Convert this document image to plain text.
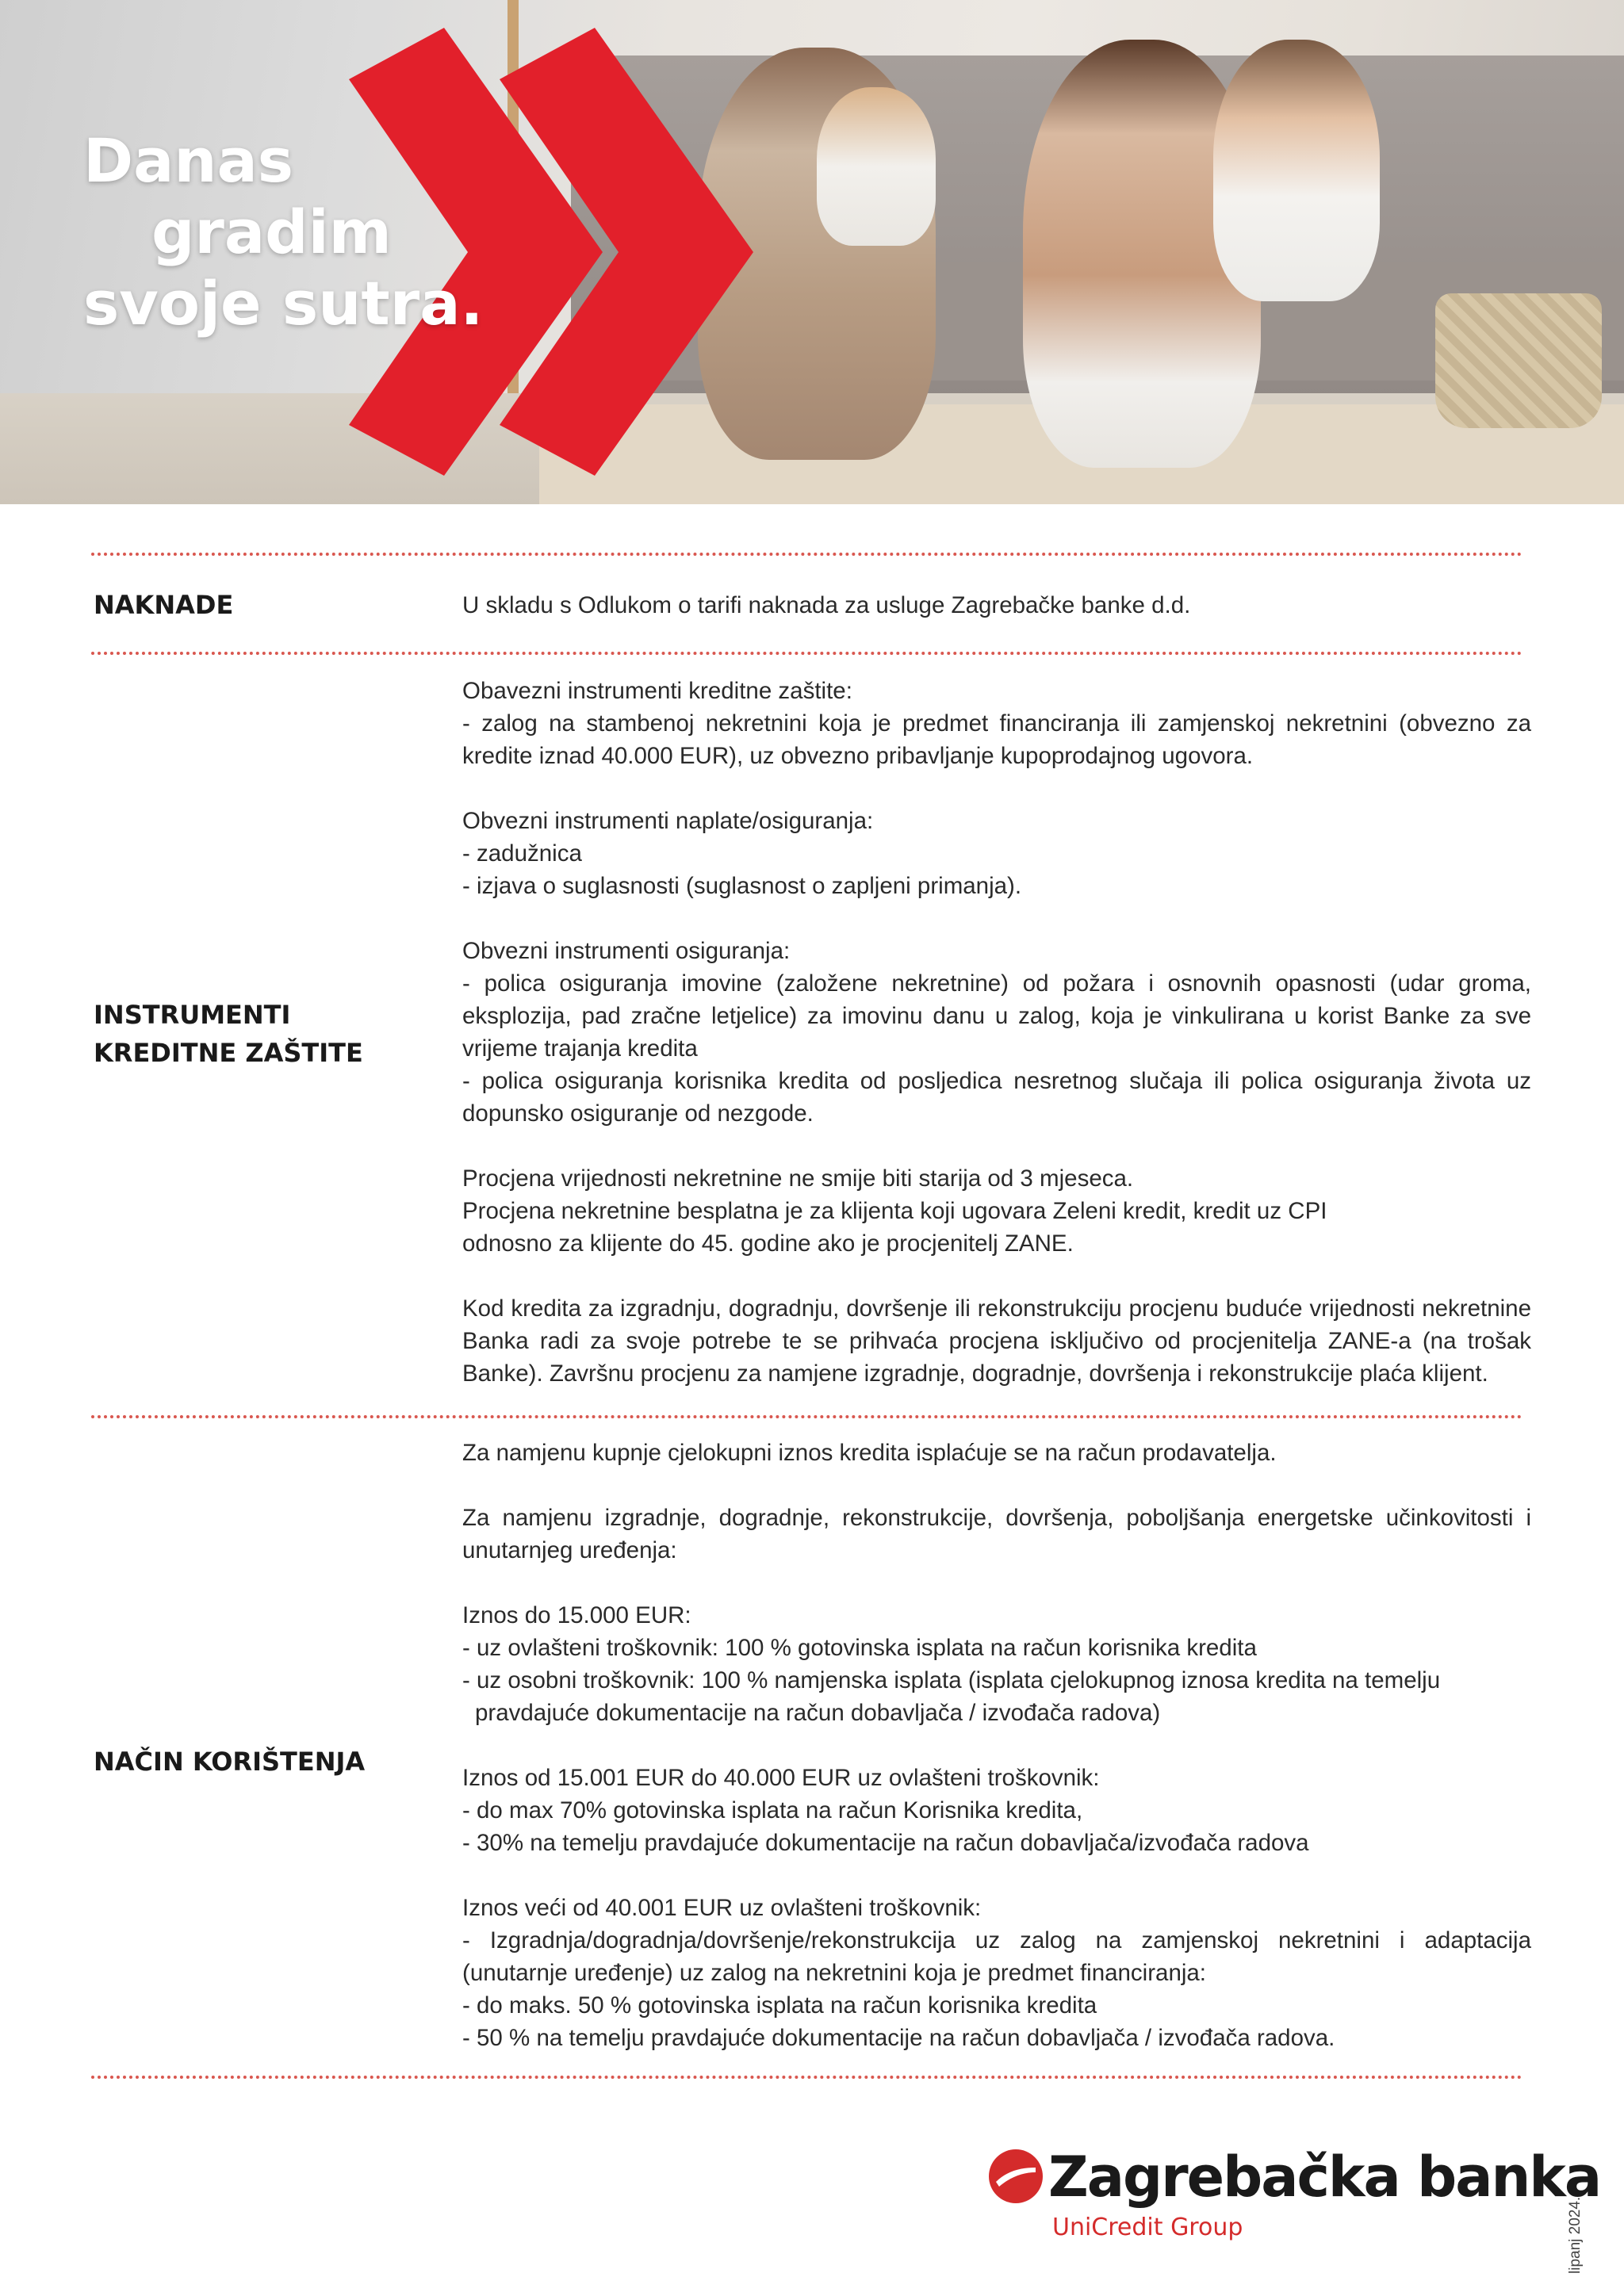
Danas
gradim
svoje sutra.
NAKNADE	U skladu s Odlukom o tarifi naknada za usluge Zagrebačke banke d.d.

INSTRUMENTI
KREDITNE ZAŠTITE

Obavezni instrumenti kreditne zaštite:

- zalog na stambenoj nekretnini koja je predmet financiranja ili zamjenskoj nekretnini (obvezno za kredite iznad 40.000 EUR), uz obvezno pribavljanje kupoprodajnog ugovora.

Obvezni instrumenti naplate/osiguranja:

- zadužnica

- izjava o suglasnosti (suglasnost o zapljeni primanja).

Obvezni instrumenti osiguranja:

- polica osiguranja imovine (založene nekretnine) od požara i osnovnih opasnosti (udar groma, eksplozija, pad zračne letjelice) za imovinu danu u zalog, koja je vinkulirana u korist Banke za sve vrijeme trajanja kredita

- polica osiguranja korisnika kredita od posljedica nesretnog slučaja ili polica osiguranja života uz dopunsko osiguranje od nezgode.

Procjena vrijednosti nekretnine ne smije biti starija od 3 mjeseca.

Procjena nekretnine besplatna je za klijenta koji ugovara Zeleni kredit, kredit uz CPI

odnosno za klijente do 45. godine ako je procjenitelj ZANE.

Kod kredita za izgradnju, dogradnju, dovršenje ili rekonstrukciju procjenu buduće vrijednosti nekretnine Banka radi za svoje potrebe te se prihvaća procjena isključivo od procjenitelja ZANE-a (na trošak Banke). Završnu procjenu za namjene izgradnje, dogradnje, dovršenja i rekonstrukcije plaća klijent.

NAČIN KORIŠTENJA

Za namjenu kupnje cjelokupni iznos kredita isplaćuje se na račun prodavatelja.

Za namjenu izgradnje, dogradnje, rekonstrukcije, dovršenja, poboljšanja energetske učinkovitosti i unutarnjeg uređenja:

Iznos do 15.000 EUR:

- uz ovlašteni troškovnik: 100 % gotovinska isplata na račun korisnika kredita

- uz osobni troškovnik: 100 % namjenska isplata (isplata cjelokupnog iznosa kredita na temelju

pravdajuće dokumentacije na račun dobavljača / izvođača radova)

Iznos od 15.001 EUR do 40.000 EUR uz ovlašteni troškovnik:

- do max 70% gotovinska isplata na račun Korisnika kredita,

- 30% na temelju pravdajuće dokumentacije na račun dobavljača/izvođača radova

Iznos veći od 40.001 EUR uz ovlašteni troškovnik:

- Izgradnja/dogradnja/dovršenje/rekonstrukcija uz zalog na zamjenskoj nekretnini i adaptacija (unutarnje uređenje) uz zalog na nekretnini koja je predmet financiranja:

- do maks. 50 % gotovinska isplata na račun korisnika kredita

- 50 % na temelju pravdajuće dokumentacije na račun dobavljača / izvođača radova.

lipanj 2024.

Zagrebačka banka

UniCredit Group
